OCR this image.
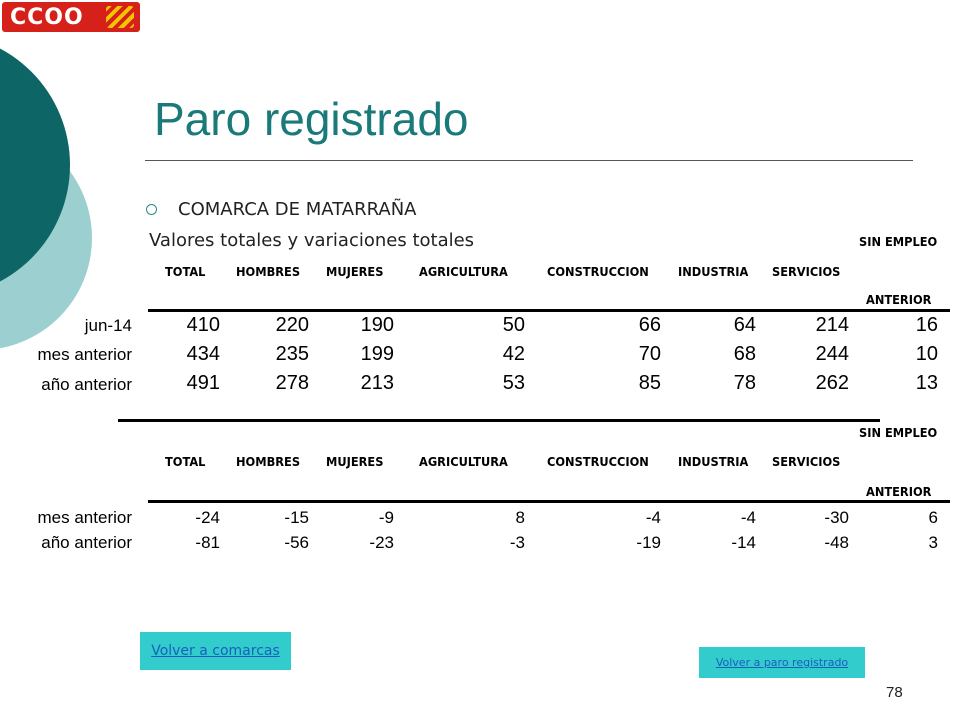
CCOO
Paro registrado
COMARCA DE MATARRAÑA
Valores totales y variaciones totales	SIN EMPLEO
TOTAL	HOMBRES MUJERES	AGRICULTURA	CONSTRUCCION INDUSTRIA SERVICIOS
ANTERIOR
jun-14	410	220	190	50	66	64	214	16
mes anterior	434	235	199	42	70	68	244	10
año anterior	491	278	213	53	85	78	262	13
SIN EMPLEO
TOTAL	HOMBRES MUJERES	AGRICULTURA	CONSTRUCCION INDUSTRIA SERVICIOS
ANTERIOR
mes anterior	-24	-15	-9	8	-4	-4	-30	6
año anterior	-81	-56	-23	-3	-19	-14	-48	3
Volver a comarcas
Volver a paro registrado
78
